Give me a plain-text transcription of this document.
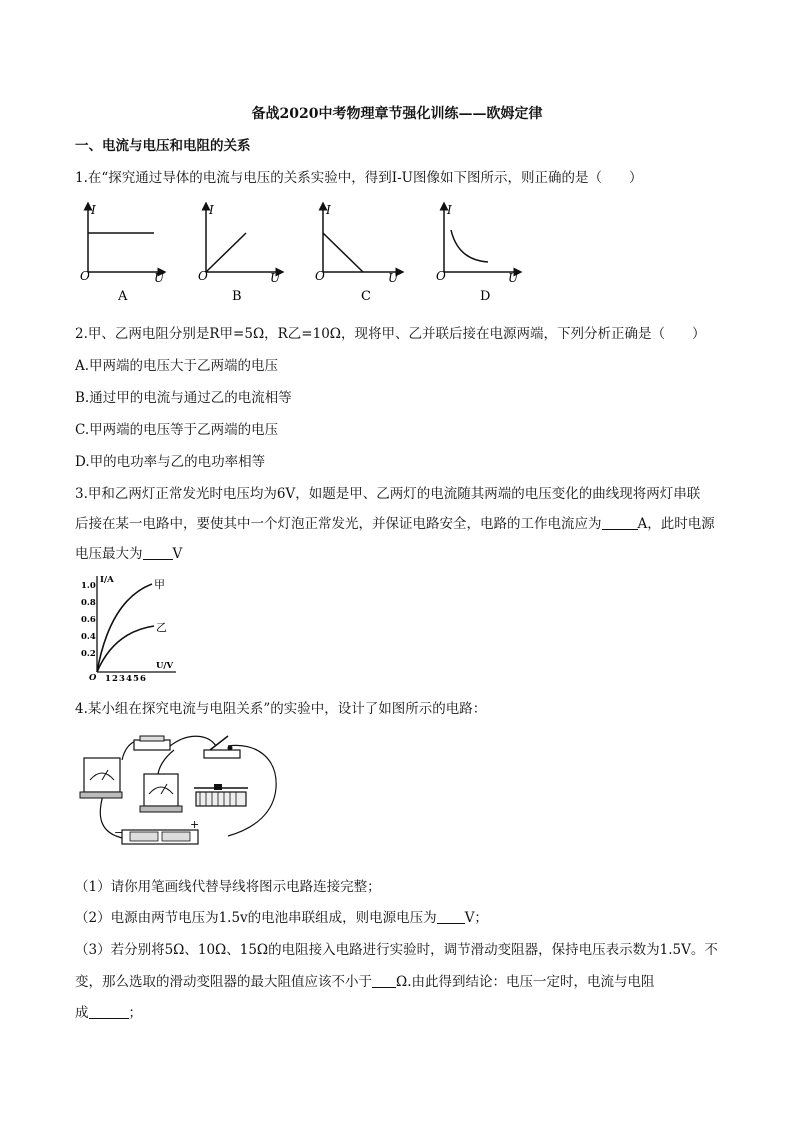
备战2020中考物理章节强化训练——欧姆定律
一、电流与电压和电阻的关系
1.在“探究通过导体的电流与电压的关系实验中，得到I-U图像如下图所示，则正确的是（　　）
I
O	U
A
I
O	U
B
I
O	U
C
I
O	U
D
2.甲、乙两电阻分别是R甲=5Ω，R乙=10Ω，现将甲、乙并联后接在电源两端，下列分析正确是（　　）
A.甲两端的电压大于乙两端的电压
B.通过甲的电流与通过乙的电流相等
C.甲两端的电压等于乙两端的电压
D.甲的电功率与乙的电功率相等
3.甲和乙两灯正常发光时电压均为6V，如题是甲、乙两灯的电流随其两端的电压变化的曲线现将两灯串联
后接在某一电路中，要使其中一个灯泡正常发光，并保证电路安全，电路的工作电流应为	A，此时电源
电压最大为 V
I/A
1.0
0.8
0.6
0.4
0.2
O 1 2 3 4 5 6
U/V
甲
乙
4.某小组在探究电流与电阻关系”的实验中，设计了如图所示的电路：
−
+
（1）请你用笔画线代替导线将图示电路连接完整；
（2）电源由两节电压为1.5v的电池串联组成，则电源电压为 V；
（3）若分别将5Ω、10Ω、15Ω的电阻接入电路进行实验时，调节滑动变阻器，保持电压表示数为1.5V。不
变，那么选取的滑动变阻器的最大阻值应该不小于 Ω.由此得到结论：电压一定时，电流与电阻
成	；
